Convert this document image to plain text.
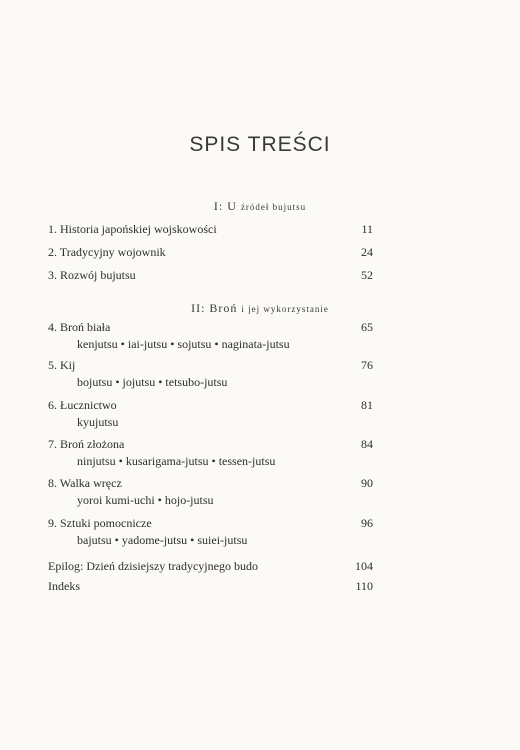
SPIS TREŚCI
I: U źródeł bujutsu
1. Historia japońskiej wojskowości	11
2. Tradycyjny wojownik	24
3. Rozwój bujutsu	52
II: Broń i jej wykorzystanie
4. Broń biała	65
kenjutsu • iai-jutsu • sojutsu • naginata-jutsu
5. Kij	76
bojutsu • jojutsu • tetsubo-jutsu
6. Łucznictwo	81
kyujutsu
7. Broń złożona	84
ninjutsu • kusarigama-jutsu • tessen-jutsu
8. Walka wręcz	90
yoroi kumi-uchi • hojo-jutsu
9. Sztuki pomocnicze	96
bajutsu • yadome-jutsu • suiei-jutsu
Epilog: Dzień dzisiejszy tradycyjnego budo	104
Indeks	110
